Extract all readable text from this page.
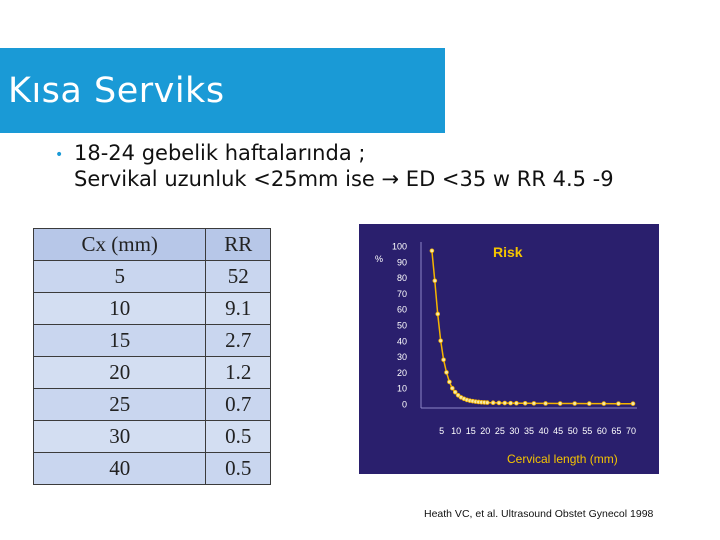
Kısa Serviks
• 18-24 gebelik haftalarında ;
Servikal uzunluk <25mm ise → ED <35 w RR 4.5 -9
Cx (mm)	RR
5	52
10	9.1
15	2.7
20	1.2
25	0.7
30	0.5
40	0.5
Risk
%
Cervical length (mm)
0
10
20
30
40
50
60
70
80
90
100
5 10 15 20 25 30 35 40 45 50 55 60 65 70
Heath VC, et al. Ultrasound Obstet Gynecol 1998
